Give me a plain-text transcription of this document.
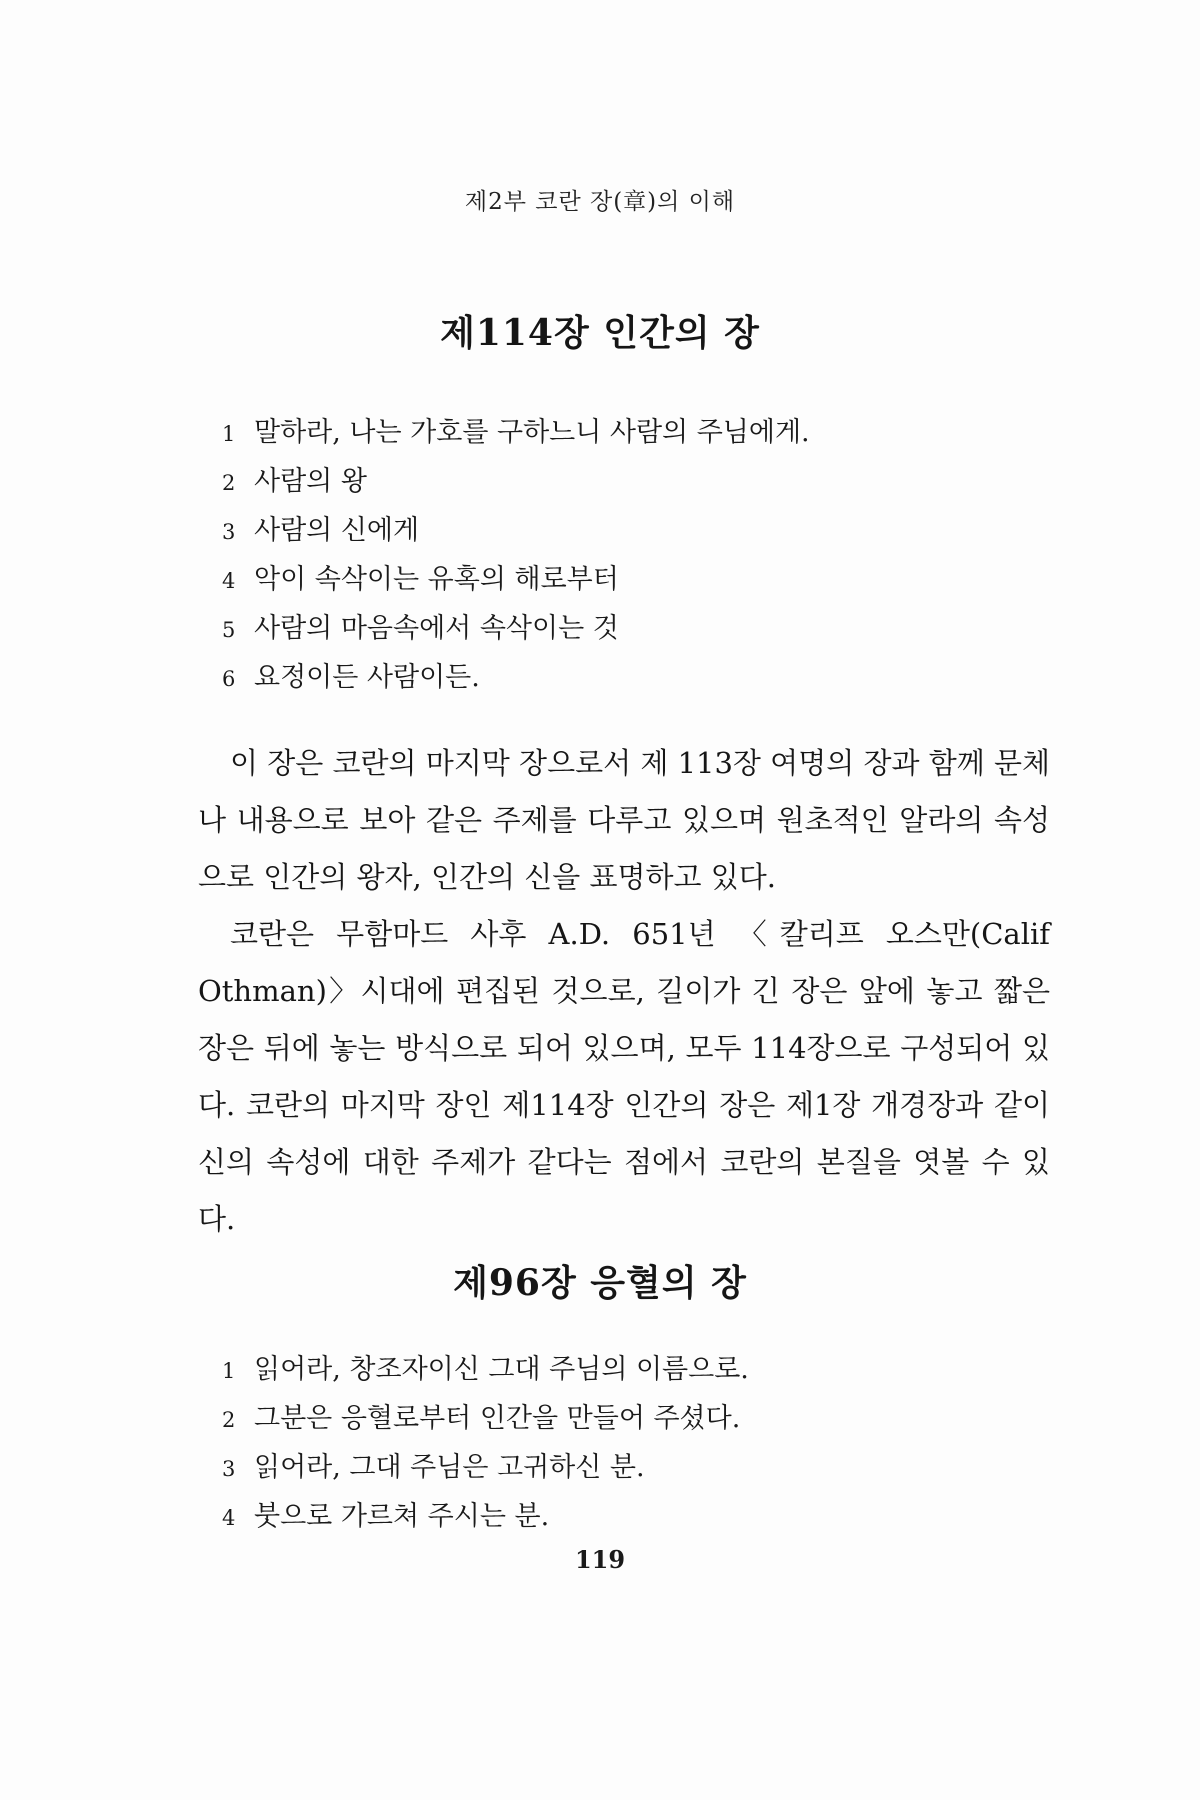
제2부 코란 장(章)의 이해
제114장 인간의 장
1 말하라, 나는 가호를 구하느니 사람의 주님에게.
2 사람의 왕
3 사람의 신에게
4 악이 속삭이는 유혹의 해로부터
5 사람의 마음속에서 속삭이는 것
6 요정이든 사람이든.

이 장은 코란의 마지막 장으로서 제 113장 여명의 장과 함께 문체나 내용으로 보아 같은 주제를 다루고 있으며 원초적인 알라의 속성으로 인간의 왕자, 인간의 신을 표명하고 있다.

코란은 무함마드 사후 A.D. 651년 〈칼리프 오스만(Calif Othman)〉시대에 편집된 것으로, 길이가 긴 장은 앞에 놓고 짧은 장은 뒤에 놓는 방식으로 되어 있으며, 모두 114장으로 구성되어 있다. 코란의 마지막 장인 제114장 인간의 장은 제1장 개경장과 같이 신의 속성에 대한 주제가 같다는 점에서 코란의 본질을 엿볼 수 있다.

제96장 응혈의 장
1 읽어라, 창조자이신 그대 주님의 이름으로.
2 그분은 응혈로부터 인간을 만들어 주셨다.
3 읽어라, 그대 주님은 고귀하신 분.
4 붓으로 가르쳐 주시는 분.
119
